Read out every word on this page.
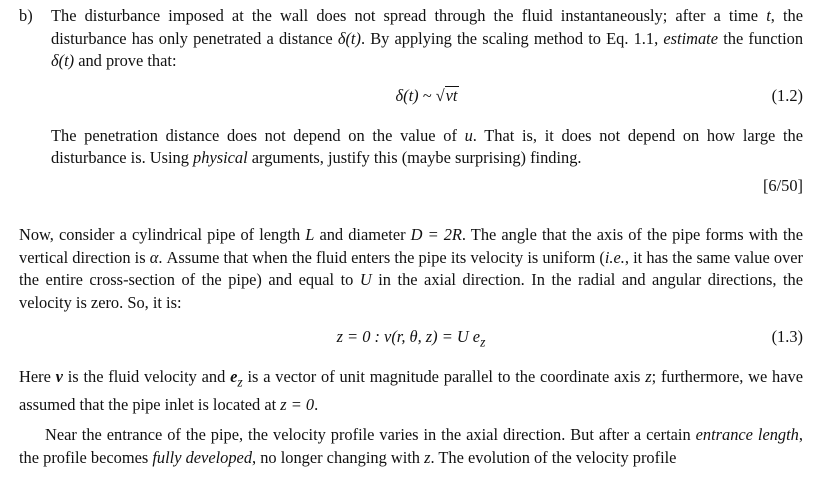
b) The disturbance imposed at the wall does not spread through the fluid instantaneously; after a time t, the disturbance has only penetrated a distance δ(t). By applying the scaling method to Eq. 1.1, estimate the function δ(t) and prove that:

δ(t) ~ √νt	(1.2)

The penetration distance does not depend on the value of u. That is, it does not depend on how large the disturbance is. Using physical arguments, justify this (maybe surprising) finding.

[6/50]

Now, consider a cylindrical pipe of length L and diameter D = 2R. The angle that the axis of the pipe forms with the vertical direction is α. Assume that when the fluid enters the pipe its velocity is uniform (i.e., it has the same value over the entire cross-section of the pipe) and equal to U in the axial direction. In the radial and angular directions, the velocity is zero. So, it is:

z = 0 : v(r, θ, z) = U $e_z$	(1.3)

Here v is the fluid velocity and $e_z$ is a vector of unit magnitude parallel to the coordinate axis z; furthermore, we have assumed that the pipe inlet is located at z = 0.

Near the entrance of the pipe, the velocity profile varies in the axial direction. But after a certain entrance length, the profile becomes fully developed, no longer changing with z. The evolution of the velocity profile
